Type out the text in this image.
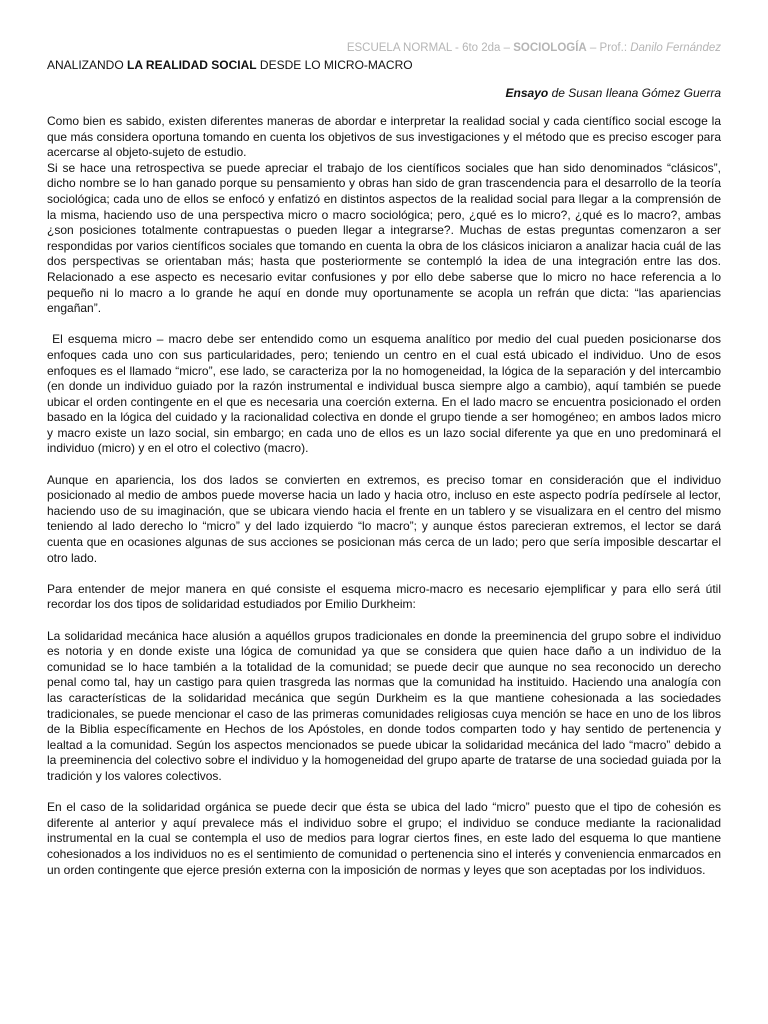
ESCUELA NORMAL - 6to 2da – SOCIOLOGÍA – Prof.: Danilo Fernández
ANALIZANDO LA REALIDAD SOCIAL DESDE LO MICRO-MACRO
Ensayo de Susan Ileana Gómez Guerra

Como bien es sabido, existen diferentes maneras de abordar e interpretar la realidad social y cada científico social escoge la que más considera oportuna tomando en cuenta los objetivos de sus investigaciones y el método que es preciso escoger para acercarse al objeto-sujeto de estudio.

Si se hace una retrospectiva se puede apreciar el trabajo de los científicos sociales que han sido denominados “clásicos”, dicho nombre se lo han ganado porque su pensamiento y obras han sido de gran trascendencia para el desarrollo de la teoría sociológica; cada uno de ellos se enfocó y enfatizó en distintos aspectos de la realidad social para llegar a la comprensión de la misma, haciendo uso de una perspectiva micro o macro sociológica; pero, ¿qué es lo micro?, ¿qué es lo macro?, ambas ¿son posiciones totalmente contrapuestas o pueden llegar a integrarse?. Muchas de estas preguntas comenzaron a ser respondidas por varios científicos sociales que tomando en cuenta la obra de los clásicos iniciaron a analizar hacia cuál de las dos perspectivas se orientaban más; hasta que posteriormente se contempló la idea de una integración entre las dos. Relacionado a ese aspecto es necesario evitar confusiones y por ello debe saberse que lo micro no hace referencia a lo pequeño ni lo macro a lo grande he aquí en donde muy oportunamente se acopla un refrán que dicta: “las apariencias engañan”.

El esquema micro – macro debe ser entendido como un esquema analítico por medio del cual pueden posicionarse dos enfoques cada uno con sus particularidades, pero; teniendo un centro en el cual está ubicado el individuo. Uno de esos enfoques es el llamado “micro”, ese lado, se caracteriza por la no homogeneidad, la lógica de la separación y del intercambio (en donde un individuo guiado por la razón instrumental e individual busca siempre algo a cambio), aquí también se puede ubicar el orden contingente en el que es necesaria una coerción externa. En el lado macro se encuentra posicionado el orden basado en la lógica del cuidado y la racionalidad colectiva en donde el grupo tiende a ser homogéneo; en ambos lados micro y macro existe un lazo social, sin embargo; en cada uno de ellos es un lazo social diferente ya que en uno predominará el individuo (micro) y en el otro el colectivo (macro).

Aunque en apariencia, los dos lados se convierten en extremos, es preciso tomar en consideración que el individuo posicionado al medio de ambos puede moverse hacia un lado y hacia otro, incluso en este aspecto podría pedírsele al lector, haciendo uso de su imaginación, que se ubicara viendo hacia el frente en un tablero y se visualizara en el centro del mismo teniendo al lado derecho lo “micro” y del lado izquierdo “lo macro”; y aunque éstos parecieran extremos, el lector se dará cuenta que en ocasiones algunas de sus acciones se posicionan más cerca de un lado; pero que sería imposible descartar el otro lado.

Para entender de mejor manera en qué consiste el esquema micro-macro es necesario ejemplificar y para ello será útil recordar los dos tipos de solidaridad estudiados por Emilio Durkheim:

La solidaridad mecánica hace alusión a aquéllos grupos tradicionales en donde la preeminencia del grupo sobre el individuo es notoria y en donde existe una lógica de comunidad ya que se considera que quien hace daño a un individuo de la comunidad se lo hace también a la totalidad de la comunidad; se puede decir que aunque no sea reconocido un derecho penal como tal, hay un castigo para quien trasgreda las normas que la comunidad ha instituido. Haciendo una analogía con las características de la solidaridad mecánica que según Durkheim es la que mantiene cohesionada a las sociedades tradicionales, se puede mencionar el caso de las primeras comunidades religiosas cuya mención se hace en uno de los libros de la Biblia específicamente en Hechos de los Apóstoles, en donde todos comparten todo y hay sentido de pertenencia y lealtad a la comunidad. Según los aspectos mencionados se puede ubicar la solidaridad mecánica del lado “macro” debido a la preeminencia del colectivo sobre el individuo y la homogeneidad del grupo aparte de tratarse de una sociedad guiada por la tradición y los valores colectivos.

En el caso de la solidaridad orgánica se puede decir que ésta se ubica del lado “micro” puesto que el tipo de cohesión es diferente al anterior y aquí prevalece más el individuo sobre el grupo; el individuo se conduce mediante la racionalidad instrumental en la cual se contempla el uso de medios para lograr ciertos fines, en este lado del esquema lo que mantiene cohesionados a los individuos no es el sentimiento de comunidad o pertenencia sino el interés y conveniencia enmarcados en un orden contingente que ejerce presión externa con la imposición de normas y leyes que son aceptadas por los individuos.
